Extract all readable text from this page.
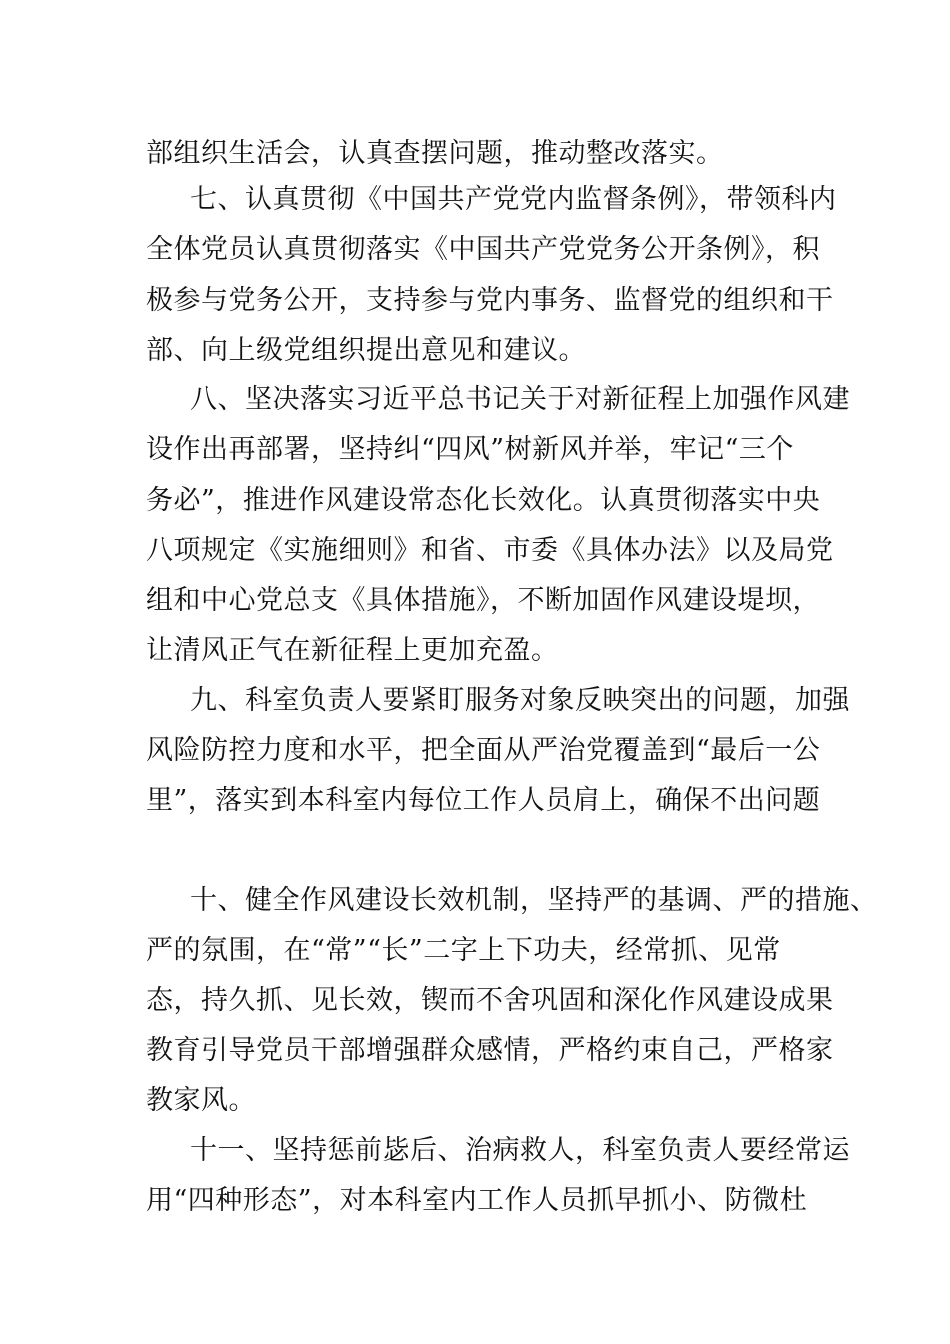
部组织生活会，认真查摆问题，推动整改落实。
七、认真贯彻《中国共产党党内监督条例》，带领科内
全体党员认真贯彻落实《中国共产党党务公开条例》，积
极参与党务公开，支持参与党内事务、监督党的组织和干
部、向上级党组织提出意见和建议。
八、坚决落实习近平总书记关于对新征程上加强作风建
设作出再部署，坚持纠“四风”树新风并举，牢记“三个
务必”，推进作风建设常态化长效化。认真贯彻落实中央
八项规定《实施细则》和省、市委《具体办法》以及局党
组和中心党总支《具体措施》，不断加固作风建设堤坝，
让清风正气在新征程上更加充盈。
九、科室负责人要紧盯服务对象反映突出的问题，加强
风险防控力度和水平，把全面从严治党覆盖到“最后一公
里”，落实到本科室内每位工作人员肩上，确保不出问题
十、健全作风建设长效机制，坚持严的基调、严的措施、
严的氛围，在“常”“长”二字上下功夫，经常抓、见常
态，持久抓、见长效，锲而不舍巩固和深化作风建设成果
教育引导党员干部增强群众感情，严格约束自己，严格家
教家风。
十一、坚持惩前毖后、治病救人，科室负责人要经常运
用“四种形态”，对本科室内工作人员抓早抓小、防微杜
